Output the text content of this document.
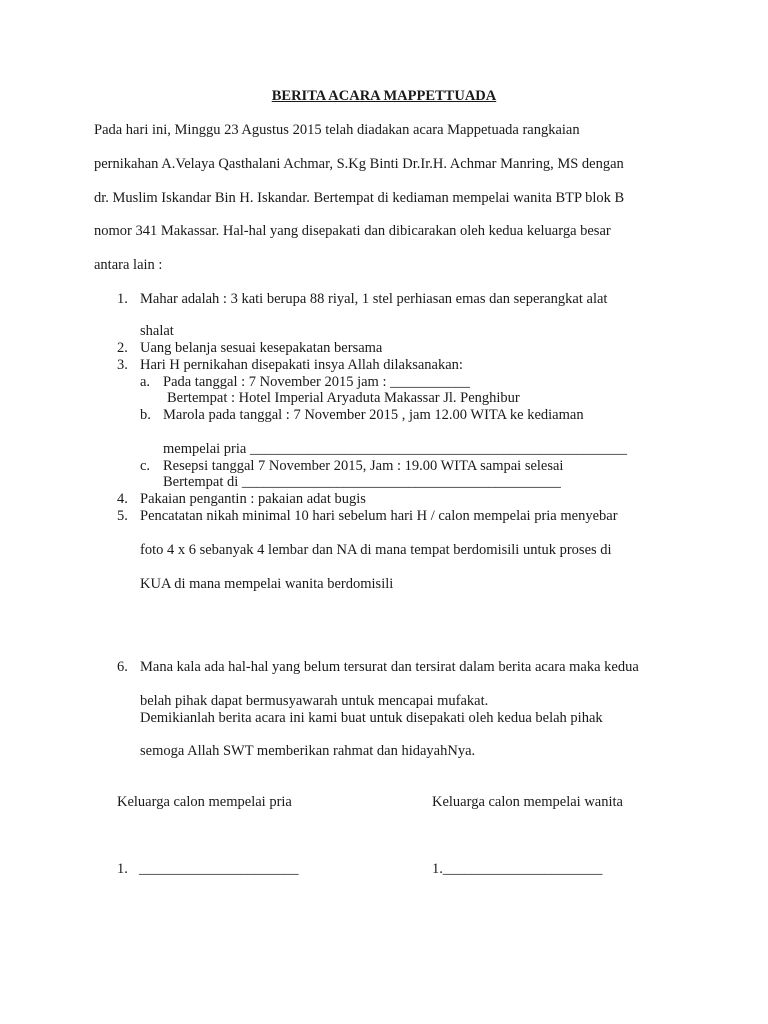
BERITA ACARA MAPPETTUADA
Pada hari ini, Minggu 23 Agustus 2015 telah diadakan acara Mappetuada rangkaian
pernikahan A.Velaya Qasthalani Achmar, S.Kg Binti Dr.Ir.H. Achmar Manring, MS dengan
dr. Muslim Iskandar Bin H. Iskandar. Bertempat di kediaman mempelai wanita BTP blok B
nomor 341 Makassar. Hal-hal yang disepakati dan dibicarakan oleh kedua keluarga besar
antara lain :
1. Mahar adalah : 3 kati berupa 88 riyal, 1 stel perhiasan emas dan seperangkat alat
shalat
2. Uang belanja sesuai kesepakatan bersama
3. Hari H pernikahan disepakati insya Allah dilaksanakan:
a. Pada tanggal : 7 November 2015 jam : ___________
Bertempat : Hotel Imperial Aryaduta Makassar Jl. Penghibur
b. Marola pada tanggal : 7 November 2015 , jam 12.00 WITA ke kediaman
mempelai pria ____________________________________________________
c. Resepsi tanggal 7 November 2015, Jam : 19.00 WITA sampai selesai
Bertempat di ____________________________________________
4. Pakaian pengantin : pakaian adat bugis
5. Pencatatan nikah minimal 10 hari sebelum hari H / calon mempelai pria menyebar
foto 4 x 6 sebanyak 4 lembar dan NA di mana tempat berdomisili untuk proses di
KUA di mana mempelai wanita berdomisili
6. Mana kala ada hal-hal yang belum tersurat dan tersirat dalam berita acara maka kedua
belah pihak dapat bermusyawarah untuk mencapai mufakat.
Demikianlah berita acara ini kami buat untuk disepakati oleh kedua belah pihak
semoga Allah SWT memberikan rahmat dan hidayahNya.
Keluarga calon mempelai pria	Keluarga calon mempelai wanita
1. ______________________	1.______________________
